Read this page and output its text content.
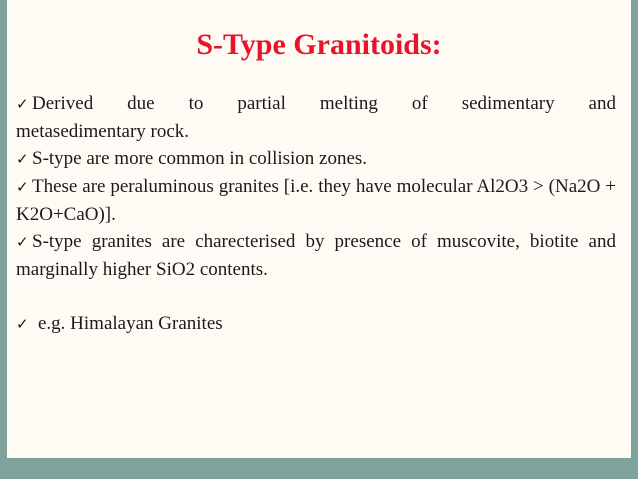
S-Type Granitoids:
✓ Derived due to partial melting of sedimentary and
metasedimentary rock.
✓ S-type are more common in collision zones.
✓ These are peraluminous granites [i.e. they have molecular Al2O3 > (Na2O + K2O+CaO)].
✓ S-type granites are charecterised by presence of muscovite, biotite and marginally higher SiO2 contents.
✓ e.g. Himalayan Granites
